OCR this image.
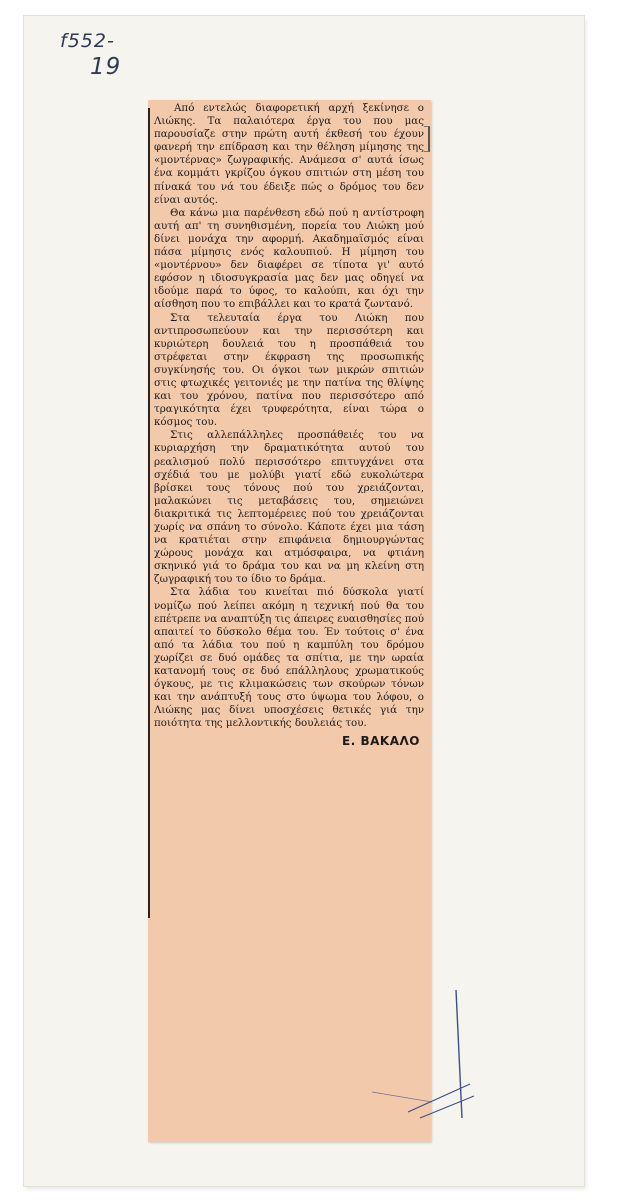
f552-
19

Από εντελώς διαφορετική αρχή ξεκίνησε ο Λιώκης. Τα παλαιότερα έργα του που μας παρουσίαζε στην πρώτη αυτή έκθεσή του έχουν φανερή την επίδραση και την θέληση μίμησης της «μοντέρνας» ζωγραφικής. Ανάμεσα σ' αυτά ίσως ένα κομμάτι γκρίζου όγκου σπιτιών στη μέση του πίνακά του νά του έδειξε πώς ο δρόμος του δεν είναι αυτός.

Θα κάνω μια παρένθεση εδώ πού η αντίστροφη αυτή απ' τη συνηθισμένη, πορεία του Λιώκη μού δίνει μονάχα την αφορμή. Ακαδημαϊσμός είναι πάσα μίμησις ενός καλουπιού. Η μίμηση του «μοντέρνου» δεν διαφέρει σε τίποτα γι' αυτό εφόσον η ιδιοσυγκρασία μας δεν μας οδηγεί να ιδούμε παρά το ύφος, το καλούπι, και όχι την αίσθηση που το επιβάλλει και το κρατά ζωντανό.

Στα τελευταία έργα του Λιώκη που αντιπροσωπεύουν και την περισσότερη και κυριώτερη δουλειά του η προσπάθειά του στρέφεται στην έκφραση της προσωπικής συγκίνησής του. Οι όγκοι των μικρών σπιτιών στις φτωχικές γειτονιές με την πατίνα της θλίψης και του χρόνου, πατίνα που περισσότερο από τραγικότητα έχει τρυφερότητα, είναι τώρα ο κόσμος του.

Στις αλλεπάλληλες προσπάθειές του να κυριαρχήση την δραματικότητα αυτού του ρεαλισμού πολύ περισσότερο επιτυγχάνει στα σχέδιά του με μολύβι γιατί εδώ ευκολώτερα βρίσκει τους τόνους πού του χρειάζονται, μαλακώνει τις μεταβάσεις του, σημειώνει διακριτικά τις λεπτομέρειες πού του χρειάζονται χωρίς να σπάνη το σύνολο. Κάποτε έχει μια τάση να κρατιέται στην επιφάνεια δημιουργώντας χώρους μονάχα και ατμόσφαιρα, να φτιάνη σκηνικό γιά το δράμα του και να μη κλείνη στη ζωγραφική του το ίδιο το δράμα.

Στα λάδια του κινείται πιό δύσκολα γιατί νομίζω πού λείπει ακόμη η τεχνική πού θα του επέτρεπε να αναπτύξη τις άπειρες ευαισθησίες πού απαιτεί το δύσκολο θέμα του. Έν τούτοις σ' ένα από τα λάδια του πού η καμπύλη του δρόμου χωρίζει σε δυό ομάδες τα σπίτια, με την ωραία κατανομή τους σε δυό επάλληλους χρωματικούς όγκους, με τις κλιμακώσεις των σκούρων τόνων και την ανάπτυξή τους στο ύψωμα του λόφου, ο Λιώκης μας δίνει υποσχέσεις θετικές γιά την ποιότητα της μελλοντικής δουλειάς του.

Ε. ΒΑΚΑΛΟ
